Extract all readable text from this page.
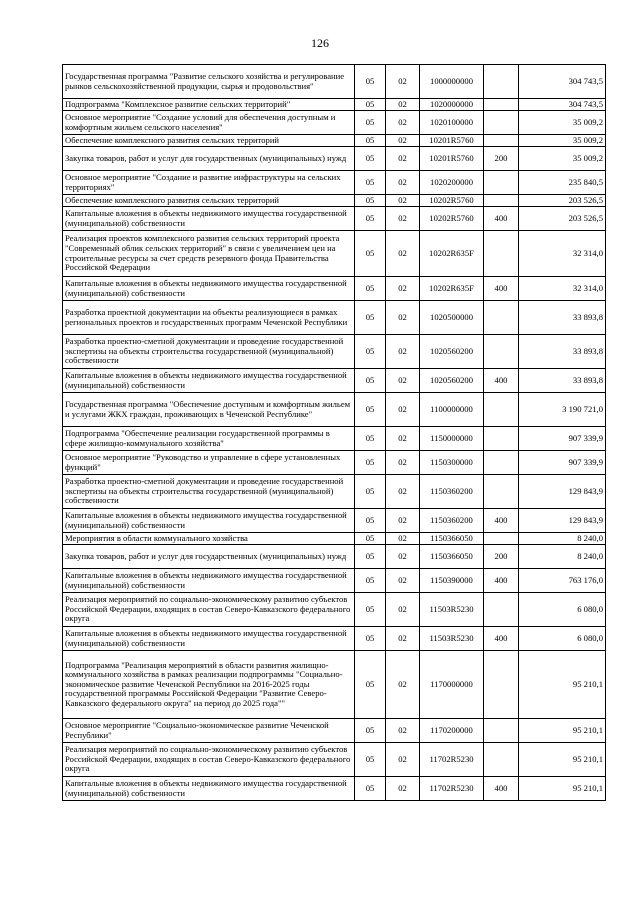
126
Государственная программа "Развитие сельского хозяйства и регулирование рынков сельскохозяйственной продукции, сырья и продовольствия"	05	02	1000000000		304 743,5
Подпрограмма "Комплексное развитие сельских территорий"	05	02	1020000000		304 743,5
Основное мероприятие "Создание условий для обеспечения доступным и комфортным жильем сельского населения"	05	02	1020100000		35 009,2
Обеспечение комплексного развития сельских территорий	05	02	10201R5760		35 009,2
Закупка товаров, работ и услуг для государственных (муниципальных) нужд	05	02	10201R5760	200	35 009,2
Основное мероприятие "Создание и развитие инфраструктуры на сельских территориях"	05	02	1020200000		235 840,5
Обеспечение комплексного развития сельских территорий	05	02	10202R5760		203 526,5
Капитальные вложения в объекты недвижимого имущества государственной (муниципальной) собственности	05	02	10202R5760	400	203 526,5
Реализация проектов комплексного развития сельских территорий проекта "Современный облик сельских территорий" в связи с увеличением цен на строительные ресурсы за счет средств резервного фонда Правительства Российской Федерации	05	02	10202R635F		32 314,0
Капитальные вложения в объекты недвижимого имущества государственной (муниципальной) собственности	05	02	10202R635F	400	32 314,0
Разработка проектной документации на объекты реализующиеся в рамках региональных проектов и государственных программ Чеченской Республики	05	02	1020500000		33 893,8
Разработка проектно-сметной документации и проведение государственной экспертизы на объекты строительства государственной (муниципальной) собственности	05	02	1020560200		33 893,8
Капитальные вложения в объекты недвижимого имущества государственной (муниципальной) собственности	05	02	1020560200	400	33 893,8
Государственная программа "Обеспечение доступным и комфортным жильем и услугами ЖКХ граждан, проживающих в Чеченской Республике"	05	02	1100000000		3 190 721,0
Подпрограмма "Обеспечение реализации государственной программы в сфере жилищно-коммунального хозяйства"	05	02	1150000000		907 339,9
Основное мероприятие "Руководство и управление в сфере установленных функций"	05	02	1150300000		907 339,9
Разработка проектно-сметной документации и проведение государственной экспертизы на объекты строительства государственной (муниципальной) собственности	05	02	1150360200		129 843,9
Капитальные вложения в объекты недвижимого имущества государственной (муниципальной) собственности	05	02	1150360200	400	129 843,9
Мероприятия в области коммунального хозяйства	05	02	1150366050		8 240,0
Закупка товаров, работ и услуг для государственных (муниципальных) нужд	05	02	1150366050	200	8 240,0
Капитальные вложения в объекты недвижимого имущества государственной (муниципальной) собственности	05	02	1150390000	400	763 176,0
Реализация мероприятий по социально-экономическому развитию субъектов Российской Федерации, входящих в состав Северо-Кавказского федерального округа	05	02	11503R5230		6 080,0
Капитальные вложения в объекты недвижимого имущества государственной (муниципальной) собственности	05	02	11503R5230	400	6 080,0
Подпрограмма "Реализация мероприятий в области развития жилищно-коммунального хозяйства в рамках реализации подпрограммы "Социально-экономическое развитие Чеченской Республики на 2016-2025 годы государственной программы Российской Федерации "Развитие Северо-Кавказского федерального округа" на период до 2025 года""	05	02	1170000000		95 210,1
Основное мероприятие "Социально-экономическое развитие Чеченской Республики"	05	02	1170200000		95 210,1
Реализация мероприятий по социально-экономическому развитию субъектов Российской Федерации, входящих в состав Северо-Кавказского федерального округа	05	02	11702R5230		95 210,1
Капитальные вложения в объекты недвижимого имущества государственной (муниципальной) собственности	05	02	11702R5230	400	95 210,1
